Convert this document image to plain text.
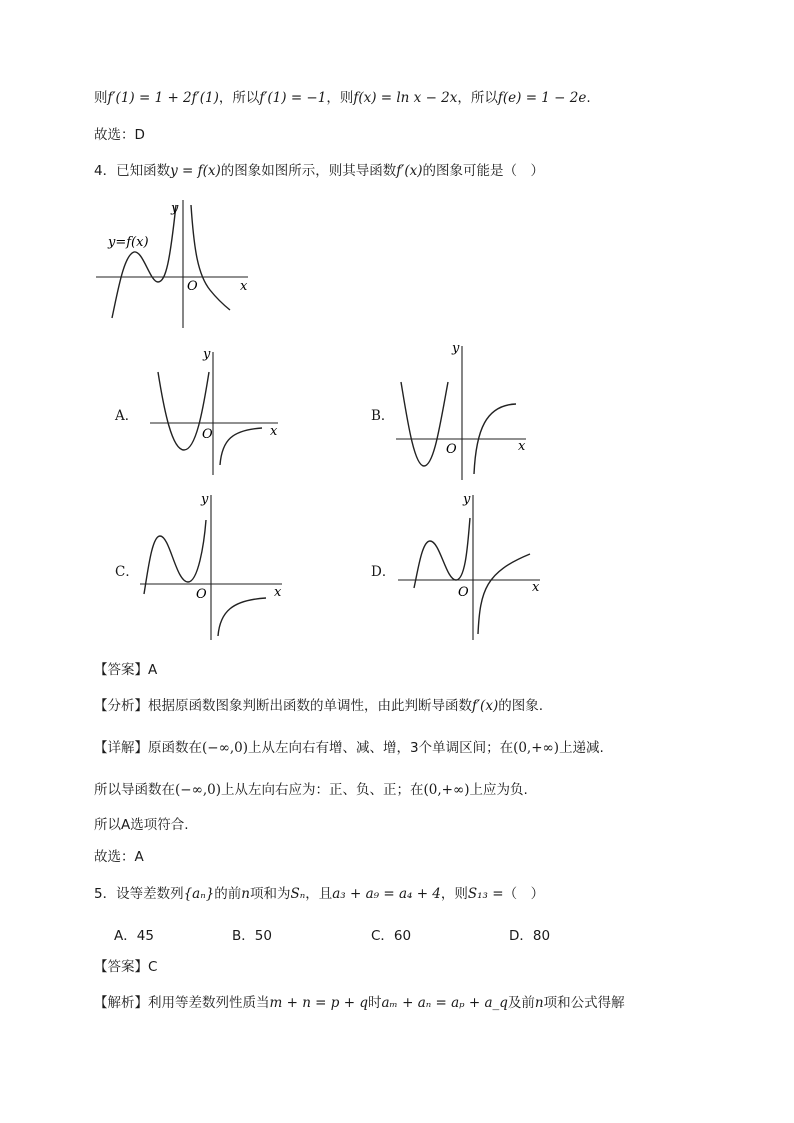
则f′(1) = 1 + 2f′(1)，所以f′(1) = −1，则f(x) = ln x − 2x，所以f(e) = 1 − 2e.
故选：D
4．已知函数y = f(x)的图象如图所示，则其导函数f′(x)的图象可能是（　）
y
x
O
y=f(x)
y
x
O
y
x
O
y
x
O
y
x
O
A．	B．
C．	D．
【答案】A
【分析】根据原函数图象判断出函数的单调性，由此判断导函数f′(x)的图象.
【详解】原函数在(−∞,0)上从左向右有增、减、增，3个单调区间；在(0,+∞)上递减.
所以导函数在(−∞,0)上从左向右应为：正、负、正；在(0,+∞)上应为负.
所以A选项符合.
故选：A
5．设等差数列{aₙ}的前n项和为Sₙ，且a₃ + a₉ = a₄ + 4，则S₁₃ =（　）
A．45	B．50	C．60	D．80
【答案】C
【解析】利用等差数列性质当m + n = p + q时aₘ + aₙ = aₚ + a_q及前n项和公式得解
